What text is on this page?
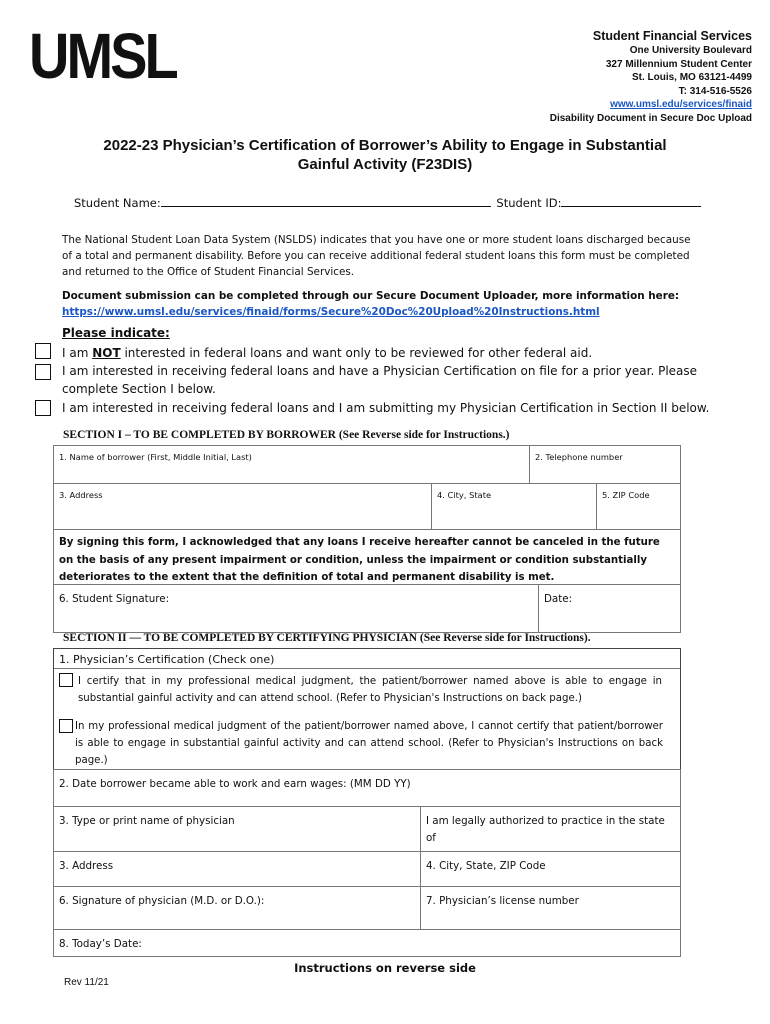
UMSL	Student Financial Services
One University Boulevard
327 Millennium Student Center
St. Louis, MO 63121-4499
T: 314-516-5526
www.umsl.edu/services/finaid
Disability Document in Secure Doc Upload
2022-23 Physician’s Certification of Borrower’s Ability to Engage in Substantial
Gainful Activity (F23DIS)
Student Name:	Student ID:
The National Student Loan Data System (NSLDS) indicates that you have one or more student loans discharged because of a total and permanent disability. Before you can receive additional federal student loans this form must be completed and returned to the Office of Student Financial Services.
Document submission can be completed through our Secure Document Uploader, more information here:
https://www.umsl.edu/services/finaid/forms/Secure%20Doc%20Upload%20Instructions.html
Please indicate:
I am NOT interested in federal loans and want only to be reviewed for other federal aid.
I am interested in receiving federal loans and have a Physician Certification on file for a prior year. Please complete Section I below.
I am interested in receiving federal loans and I am submitting my Physician Certification in Section II below.
SECTION I – TO BE COMPLETED BY BORROWER (See Reverse side for Instructions.)
1. Name of borrower (First, Middle Initial, Last)	2. Telephone number
3. Address	4. City, State	5. ZIP Code
By signing this form, I acknowledged that any loans I receive hereafter cannot be canceled in the future on the basis of any present impairment or condition, unless the impairment or condition substantially deteriorates to the extent that the definition of total and permanent disability is met.
6. Student Signature:	Date:
SECTION II — TO BE COMPLETED BY CERTIFYING PHYSICIAN (See Reverse side for Instructions).
1. Physician’s Certification (Check one)
I certify that in my professional medical judgment, the patient/borrower named above is able to engage in substantial gainful activity and can attend school. (Refer to Physician's Instructions on back page.)
In my professional medical judgment of the patient/borrower named above, I cannot certify that patient/borrower is able to engage in substantial gainful activity and can attend school. (Refer to Physician's Instructions on back page.)
2. Date borrower became able to work and earn wages: (MM DD YY)
3. Type or print name of physician	I am legally authorized to practice in the state of
3. Address	4. City, State, ZIP Code
6. Signature of physician (M.D. or D.O.):	7. Physician’s license number
8. Today’s Date:
Instructions on reverse side
Rev 11/21
